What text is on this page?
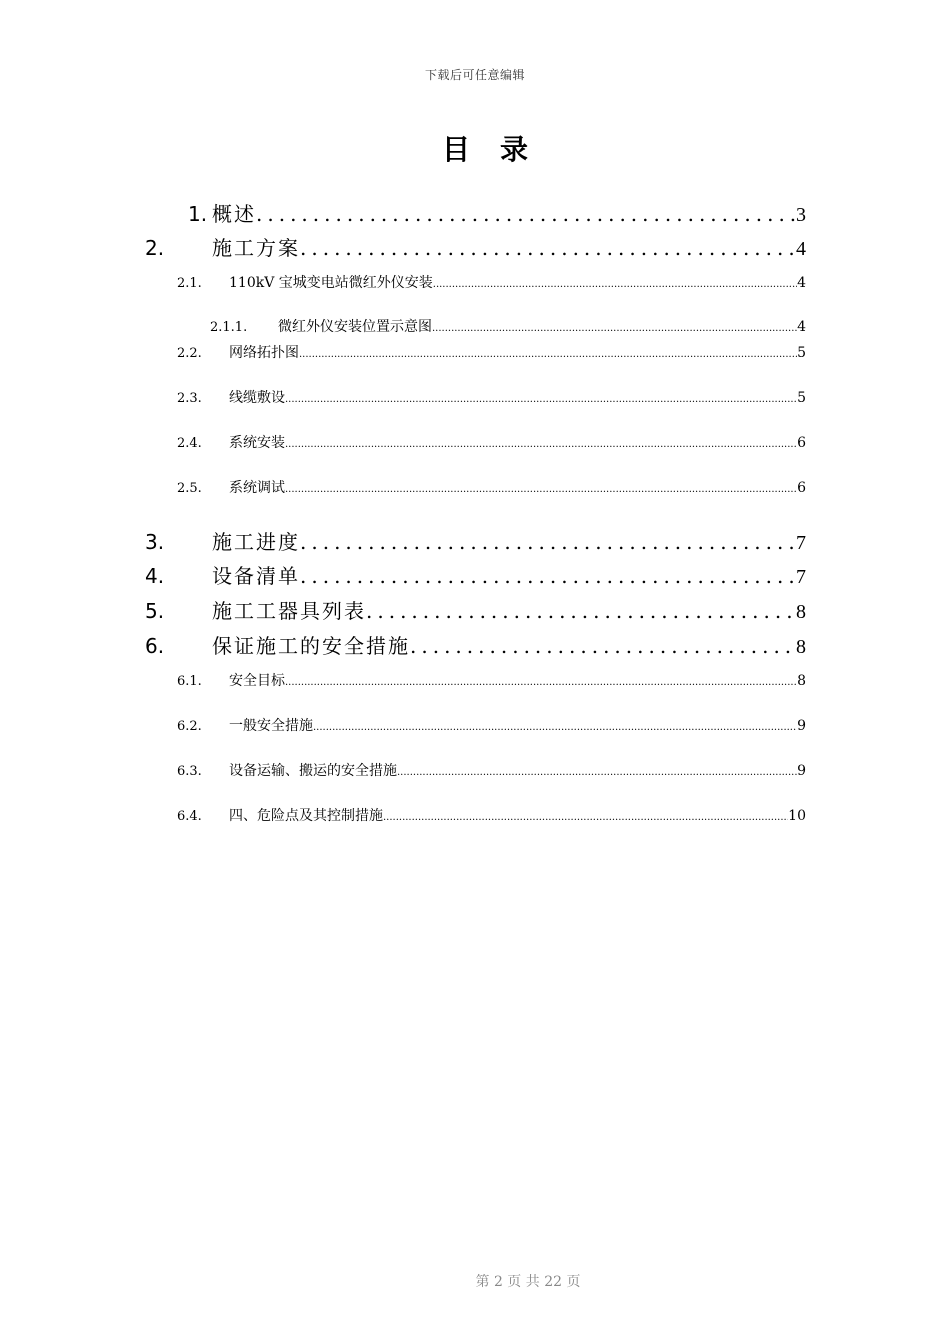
下载后可任意编辑
目录
1. 概述 .....	3
2.	施工方案 .....	4
2.1.	110kV 宝城变电站微红外仪安装 .....	4
2.1.1.	微红外仪安装位置示意图 .....	4
2.2.	网络拓扑图 .....	5
2.3.	线缆敷设 .....	5
2.4.	系统安装 .....	6
2.5.	系统调试 .....	6
3.	施工进度 .....	7
4.	设备清单 .....	7
5.	施工工器具列表 .....	8
6.	保证施工的安全措施 .....	8
6.1.	安全目标 .....	8
6.2.	一般安全措施 .....	9
6.3.	设备运输、搬运的安全措施 .....	9
6.4.	四、危险点及其控制措施 .....	10
第 2 页 共 22 页
